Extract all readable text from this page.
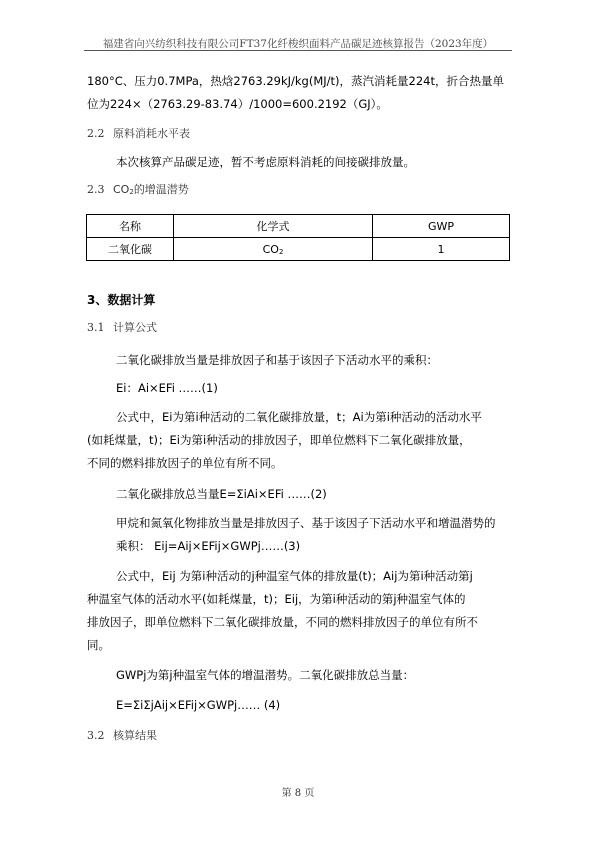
福建省向兴纺织科技有限公司FT37化纤梭织面料产品碳足迹核算报告（2023年度）
180°C、压力0.7MPa，热焓2763.29kJ/kg(MJ/t)，蒸汽消耗量224t，折合热量单
位为224×（2763.29-83.74）/1000=600.2192（GJ）。
2.2 原料消耗水平表
本次核算产品碳足迹，暂不考虑原料消耗的间接碳排放量。
2.3 CO2的增温潜势
名称	化学式	GWP
二氧化碳	CO2	1
3、数据计算
3.1 计算公式
二氧化碳排放当量是排放因子和基于该因子下活动水平的乘积：
Ei：Ai×EFi ……(1)
公式中，Ei为第i种活动的二氧化碳排放量，t；Ai为第i种活动的活动水平
(如耗煤量，t)；Ei为第i种活动的排放因子，即单位燃料下二氧化碳排放量，
不同的燃料排放因子的单位有所不同。
二氧化碳排放总当量E=ΣiAi×EFi ……(2)
甲烷和氮氧化物排放当量是排放因子、基于该因子下活动水平和增温潜势的
乘积： Eij=Aij×EFij×GWPj……(3)
公式中，Eij 为第i种活动的j种温室气体的排放量(t)；Aij为第i种活动第j
种温室气体的活动水平(如耗煤量，t)；Eij，为第i种活动的第j种温室气体的
排放因子，即单位燃料下二氧化碳排放量，不同的燃料排放因子的单位有所不
同。
GWPj为第j种温室气体的增温潜势。二氧化碳排放总当量：
E=ΣiΣjAij×EFij×GWPj…… (4)
3.2 核算结果
第 8 页
